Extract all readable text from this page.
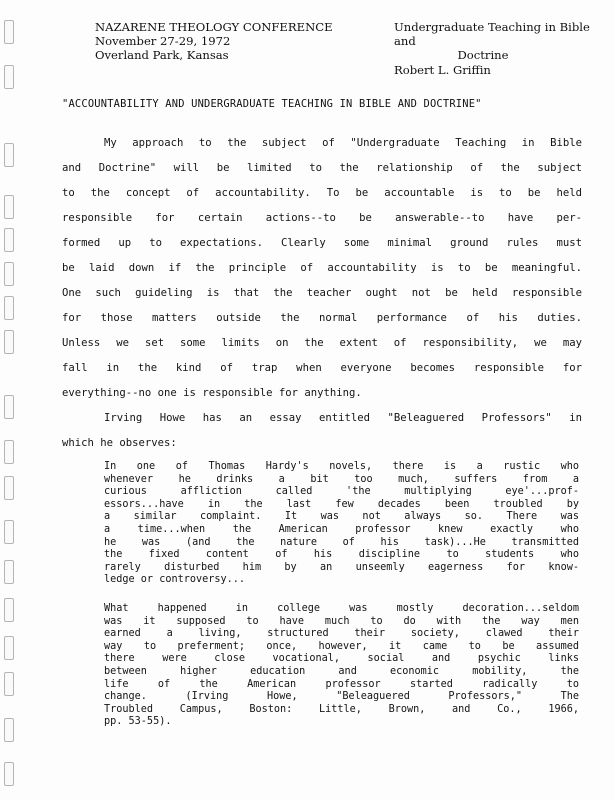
NAZARENE THEOLOGY CONFERENCE
November 27-29, 1972
Overland Park, Kansas
Undergraduate Teaching in Bible and
Doctrine
Robert L. Griffin
"ACCOUNTABILITY AND UNDERGRADUATE TEACHING IN BIBLE AND DOCTRINE"
My approach to the subject of "Undergraduate Teaching in Bible
and Doctrine" will be limited to the relationship of the subject
to the concept of accountability. To be accountable is to be held
responsible for certain actions--to be answerable--to have per-
formed up to expectations. Clearly some minimal ground rules must
be laid down if the principle of accountability is to be meaningful.
One such guideling is that the teacher ought not be held responsible
for those matters outside the normal performance of his duties.
Unless we set some limits on the extent of responsibility, we may
fall in the kind of trap when everyone becomes responsible for
everything--no one is responsible for anything.
Irving Howe has an essay entitled "Beleaguered Professors" in
which he observes:
In one of Thomas Hardy's novels, there is a rustic who
whenever he drinks a bit too much, suffers from a
curious affliction called 'the multiplying eye'...prof-
essors...have in the last few decades been troubled by
a similar complaint. It was not always so. There was
a time...when the American professor knew exactly who
he was (and the nature of his task)...He transmitted
the fixed content of his discipline to students who
rarely disturbed him by an unseemly eagerness for know-
ledge or controversy...
What happened in college was mostly decoration...seldom
was it supposed to have much to do with the way men
earned a living, structured their society, clawed their
way to preferment; once, however, it came to be assumed
there were close vocational, social and psychic links
between higher education and economic mobility, the
life of the American professor started radically to
change. (Irving Howe, "Beleaguered Professors," The
Troubled Campus, Boston: Little, Brown, and Co., 1966,
pp. 53-55).
